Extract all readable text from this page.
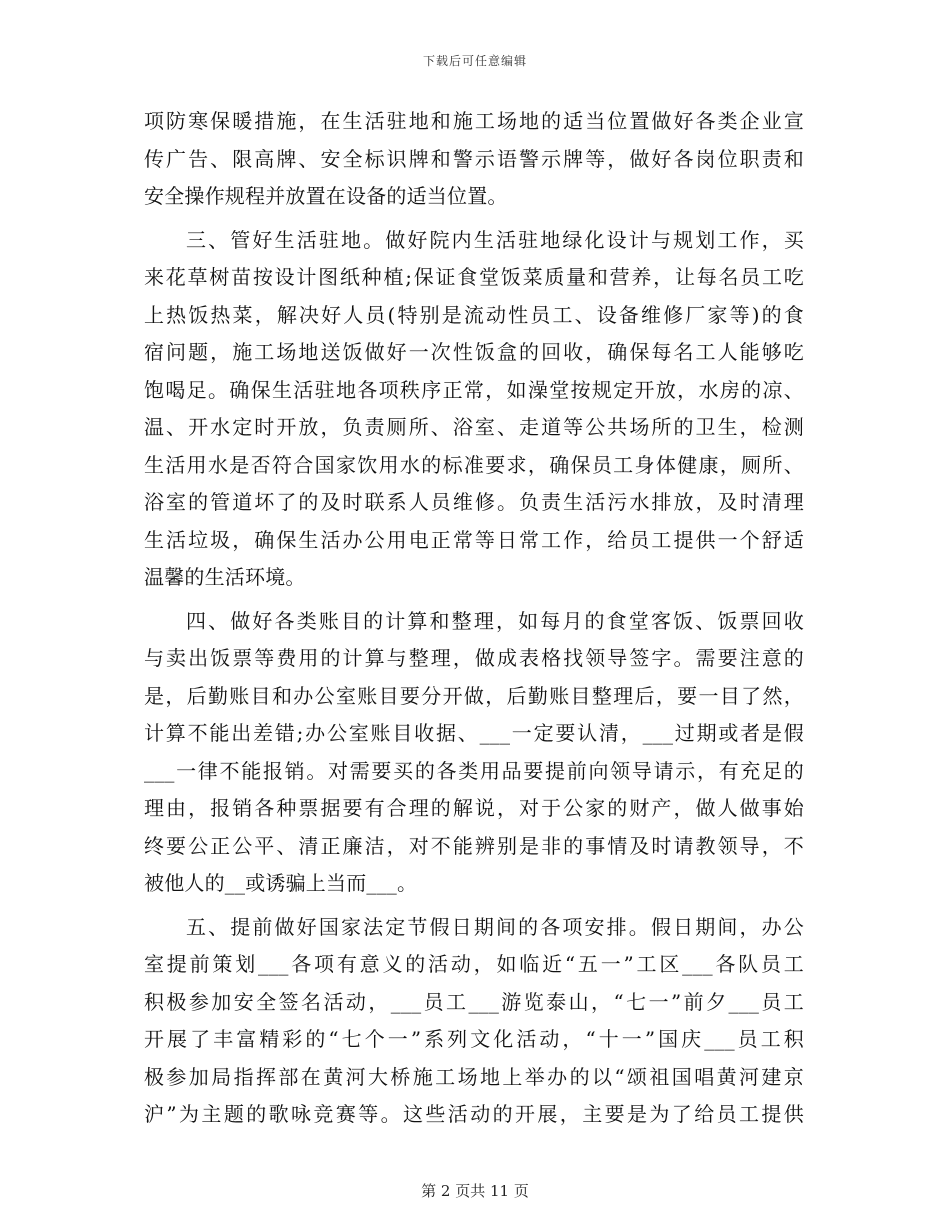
下载后可任意编辑
项防寒保暖措施，在生活驻地和施工场地的适当位置做好各类企业宣
传广告、限高牌、安全标识牌和警示语警示牌等，做好各岗位职责和
安全操作规程并放置在设备的适当位置。
三、管好生活驻地。做好院内生活驻地绿化设计与规划工作，买
来花草树苗按设计图纸种植;保证食堂饭菜质量和营养，让每名员工吃
上热饭热菜，解决好人员(特别是流动性员工、设备维修厂家等)的食
宿问题，施工场地送饭做好一次性饭盒的回收，确保每名工人能够吃
饱喝足。确保生活驻地各项秩序正常，如澡堂按规定开放，水房的凉、
温、开水定时开放，负责厕所、浴室、走道等公共场所的卫生，检测
生活用水是否符合国家饮用水的标准要求，确保员工身体健康，厕所、
浴室的管道坏了的及时联系人员维修。负责生活污水排放，及时清理
生活垃圾，确保生活办公用电正常等日常工作，给员工提供一个舒适
温馨的生活环境。
四、做好各类账目的计算和整理，如每月的食堂客饭、饭票回收
与卖出饭票等费用的计算与整理，做成表格找领导签字。需要注意的
是，后勤账目和办公室账目要分开做，后勤账目整理后，要一目了然，
计算不能出差错;办公室账目收据、___一定要认清，___过期或者是假
___一律不能报销。对需要买的各类用品要提前向领导请示，有充足的
理由，报销各种票据要有合理的解说，对于公家的财产，做人做事始
终要公正公平、清正廉洁，对不能辨别是非的事情及时请教领导，不
被他人的__或诱骗上当而___。
五、提前做好国家法定节假日期间的各项安排。假日期间，办公
室提前策划___各项有意义的活动，如临近“五一”工区___各队员工
积极参加安全签名活动，___员工___游览泰山，“七一”前夕___员工
开展了丰富精彩的“七个一”系列文化活动，“十一”国庆___员工积
极参加局指挥部在黄河大桥施工场地上举办的以“颂祖国唱黄河建京
沪”为主题的歌咏竞赛等。这些活动的开展，主要是为了给员工提供
第 2 页共 11 页
